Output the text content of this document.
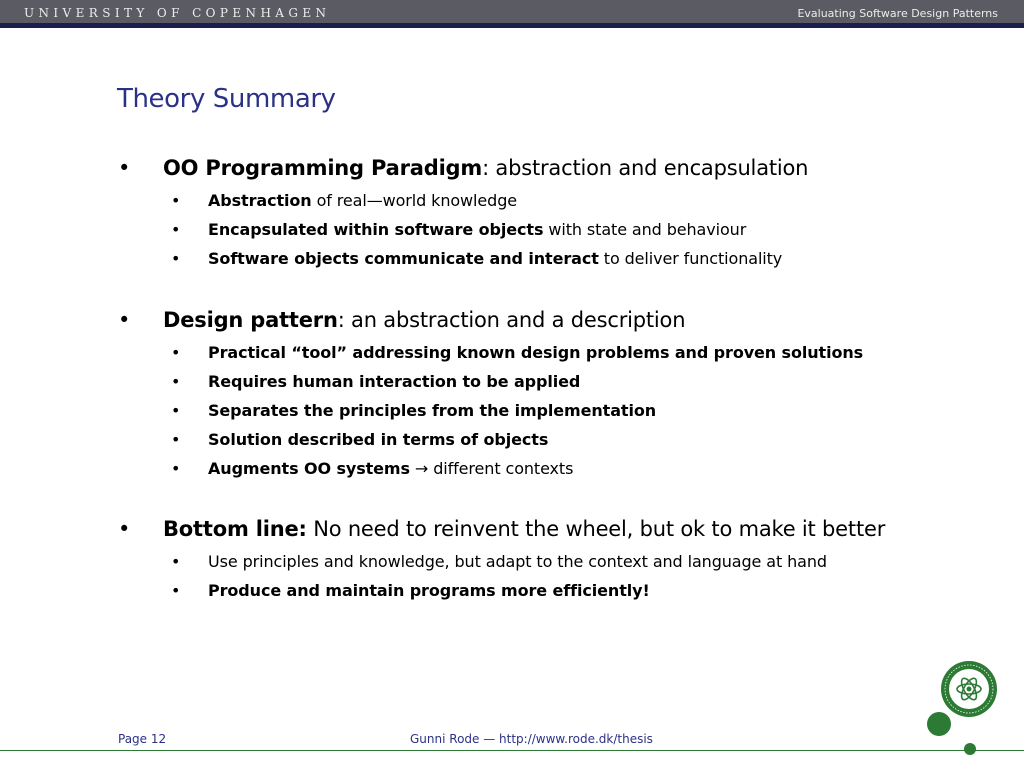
UNIVERSITY OF COPENHAGEN	Evaluating Software Design Patterns
Theory Summary
• OO Programming Paradigm: abstraction and encapsulation
• Abstraction of real—world knowledge
• Encapsulated within software objects with state and behaviour
• Software objects communicate and interact to deliver functionality
• Design pattern: an abstraction and a description
• Practical “tool” addressing known design problems and proven solutions
• Requires human interaction to be applied
• Separates the principles from the implementation
• Solution described in terms of objects
• Augments OO systems → different contexts
• Bottom line: No need to reinvent the wheel, but ok to make it better
• Use principles and knowledge, but adapt to the context and language at hand
• Produce and maintain programs more efficiently!
Page 12	Gunni Rode — http://www.rode.dk/thesis
